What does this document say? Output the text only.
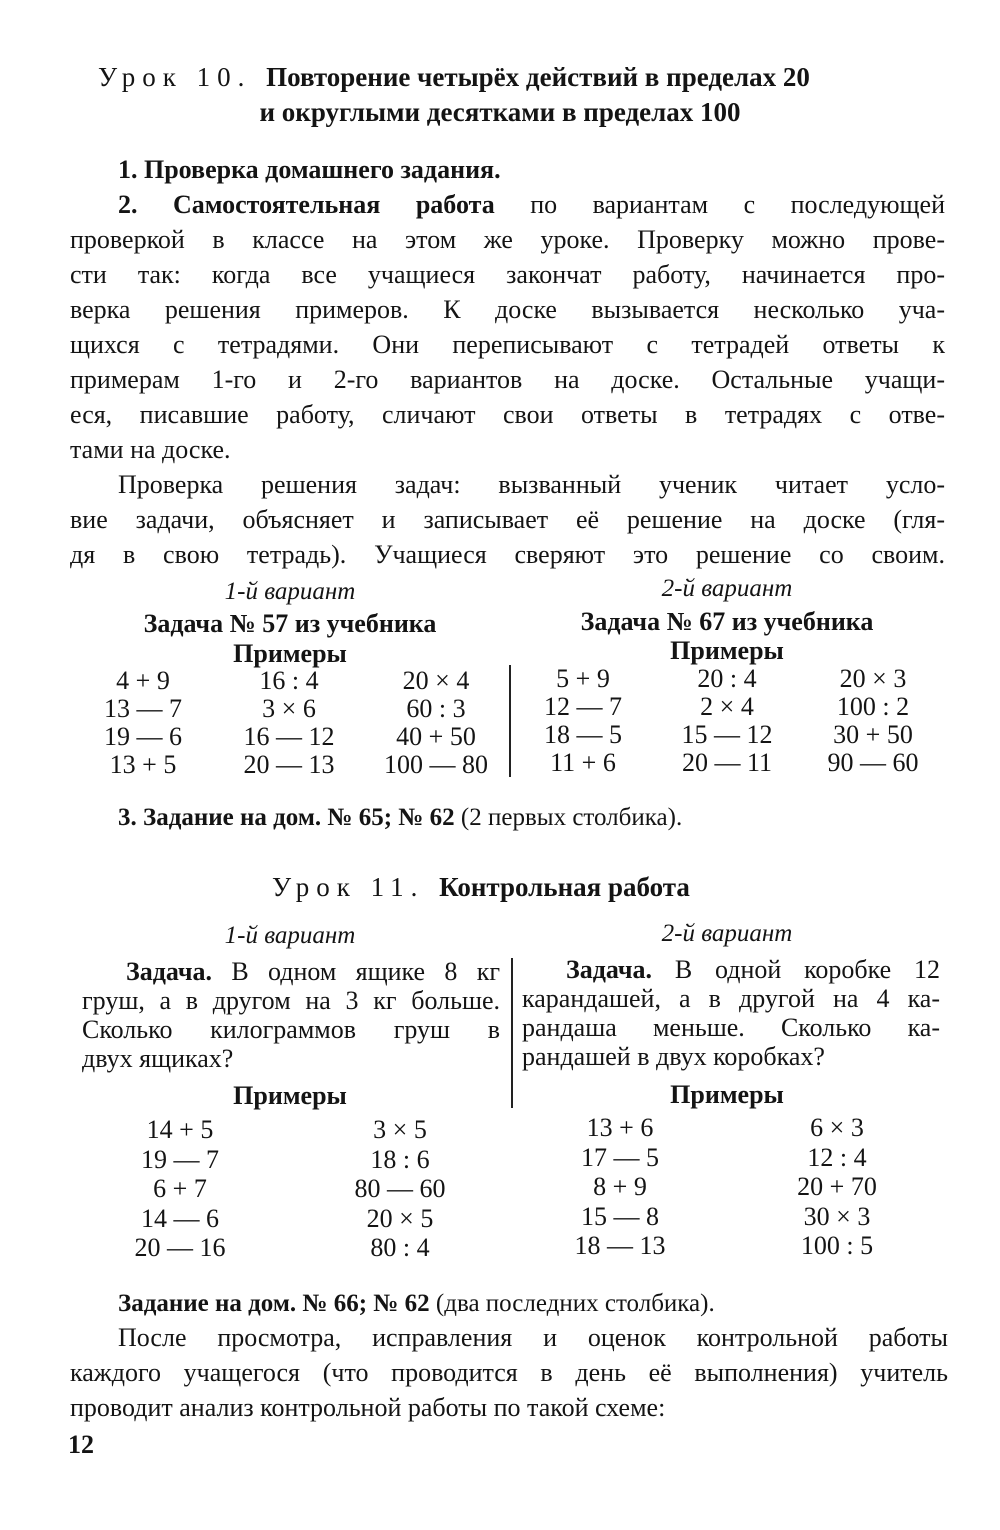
Урок 10. Повторение четырёх действий в пределах 20
и округлыми десятками в пределах 100
1. Проверка домашнего задания.
2. Самостоятельная работа по вариантам с последующей
проверкой в классе на этом же уроке. Проверку можно прове-
сти так: когда все учащиеся закончат работу, начинается про-
верка решения примеров. К доске вызывается несколько уча-
щихся с тетрадями. Они переписывают с тетрадей ответы к
примерам 1-го и 2-го вариантов на доске. Остальные учащи-
еся, писавшие работу, сличают свои ответы в тетрадях с отве-
тами на доске.
Проверка решения задач: вызванный ученик читает усло-
вие задачи, объясняет и записывает её решение на доске (гля-
дя в свою тетрадь). Учащиеся сверяют это решение со своим.
1-й вариант
Задача № 57 из учебника
Примеры
4 + 9
13 — 7
19 — 6
13 + 5
16 : 4
3 × 6
16 — 12
20 — 13
20 × 4
60 : 3
40 + 50
100 — 80
2-й вариант
Задача № 67 из учебника
Примеры
5 + 9
12 — 7
18 — 5
11 + 6
20 : 4
2 × 4
15 — 12
20 — 11
20 × 3
100 : 2
30 + 50
90 — 60
3. Задание на дом. № 65; № 62 (2 первых столбика).
Урок 11. Контрольная работа
1-й вариант
Задача. В одном ящике 8 кг
груш, а в другом на 3 кг больше.
Сколько килограммов груш в
двух ящиках?
Примеры
14 + 5
19 — 7
6 + 7
14 — 6
20 — 16
3 × 5
18 : 6
80 — 60
20 × 5
80 : 4
2-й вариант
Задача. В одной коробке 12
карандашей, а в другой на 4 ка-
рандаша меньше. Сколько ка-
рандашей в двух коробках?
Примеры
13 + 6
17 — 5
8 + 9
15 — 8
18 — 13
6 × 3
12 : 4
20 + 70
30 × 3
100 : 5
Задание на дом. № 66; № 62 (два последних столбика).
После просмотра, исправления и оценок контрольной работы
каждого учащегося (что проводится в день её выполнения) учитель
проводит анализ контрольной работы по такой схеме:
12
